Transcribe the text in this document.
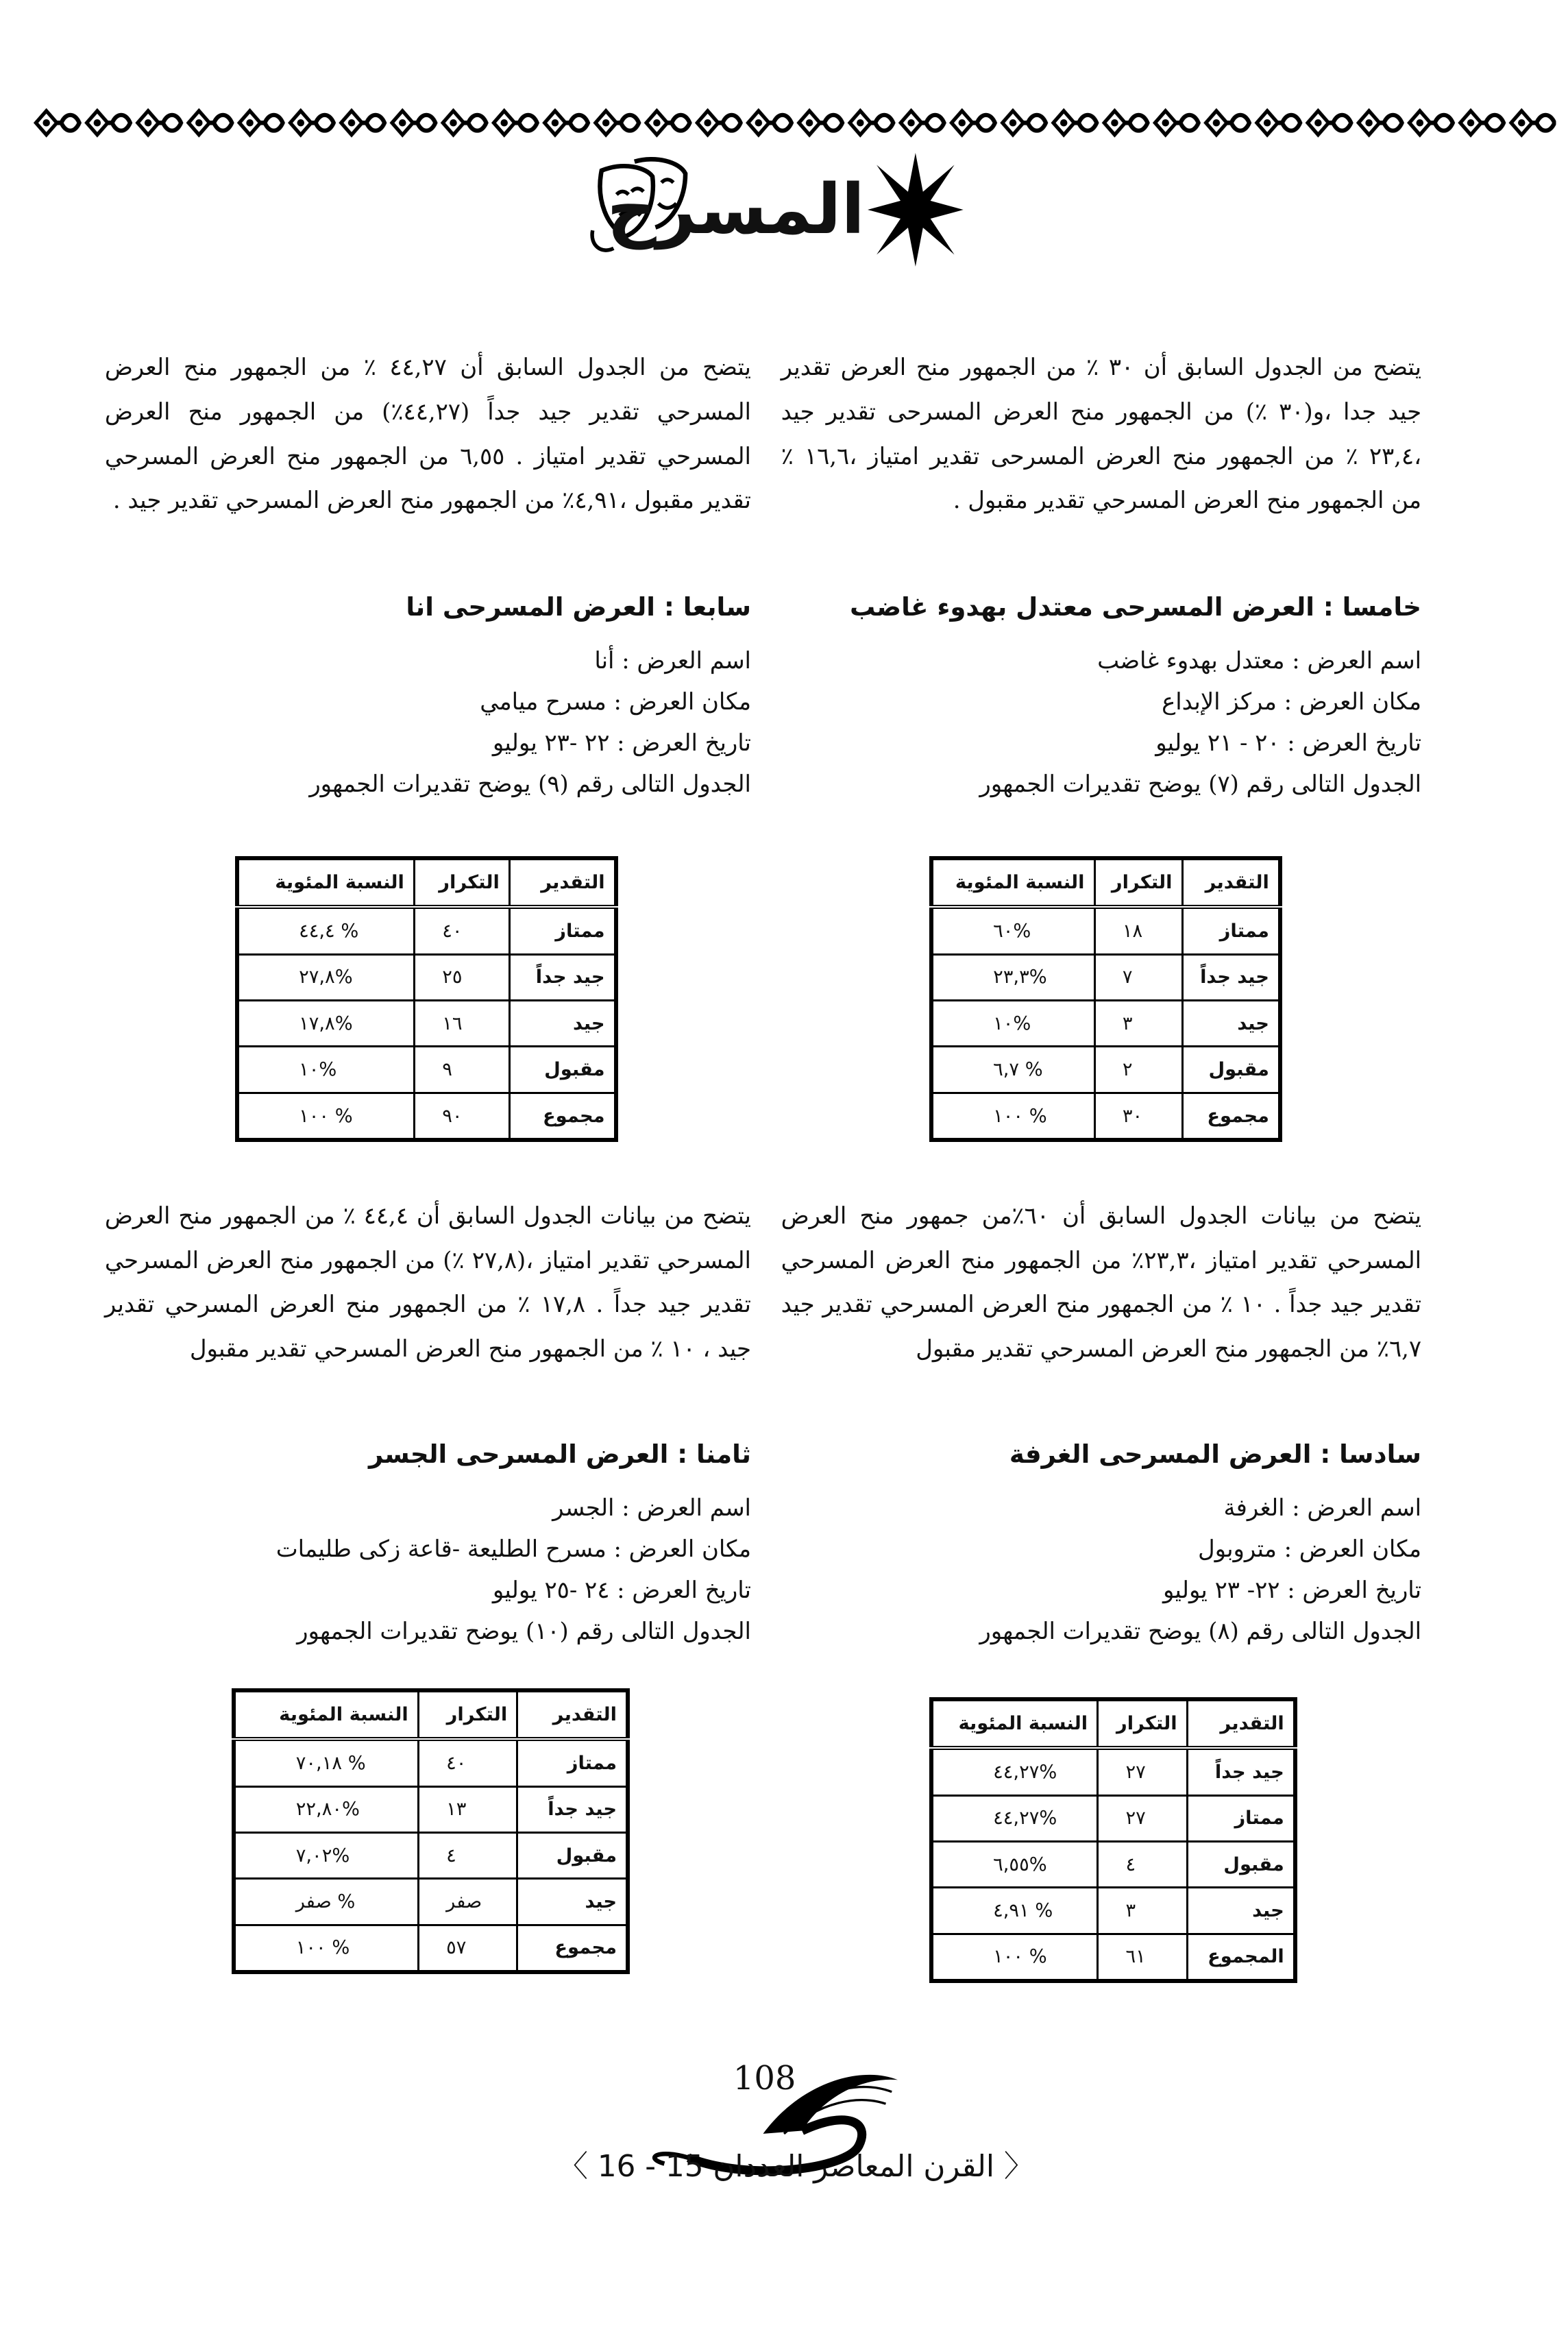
المسرح

يتضح من الجدول السابق أن ٣٠ ٪ من الجمهور منح العرض تقدير جيد جدا ،و(٣٠ ٪) من الجمهور منح العرض المسرحى تقدير جيد ،٢٣,٤ ٪ من الجمهور منح العرض المسرحى تقدير امتياز ،١٦,٦ ٪ من الجمهور منح العرض المسرحي تقدير مقبول .

يتضح من الجدول السابق أن ٤٤,٢٧ ٪ من الجمهور منح العرض المسرحي تقدير جيد جداً (٤٤,٢٧٪) من الجمهور منح العرض المسرحي تقدير امتياز . ٦,٥٥ من الجمهور منح العرض المسرحي تقدير مقبول ،٤,٩١٪ من الجمهور منح العرض المسرحي تقدير جيد .

خامسا : العرض المسرحى معتدل بهدوء غاضب

اسم العرض : معتدل بهدوء غاضب

مكان العرض : مركز الإبداع

تاريخ العرض : ٢٠ - ٢١ يوليو

الجدول التالى رقم (٧) يوضح تقديرات الجمهور

التقدير	التكرار	النسبة المئوية
ممتاز	١٨	٦٠%
جيد جداً	٧	٢٣,٣%
جيد	٣	١٠%
مقبول	٢	٦,٧ %
مجموع	٣٠	١٠٠ %
سابعا : العرض المسرحى انا

اسم العرض : أنا

مكان العرض : مسرح ميامي

تاريخ العرض : ٢٢ -٢٣ يوليو

الجدول التالى رقم (٩) يوضح تقديرات الجمهور

التقدير	التكرار	النسبة المئوية
ممتاز	٤٠	٤٤,٤ %
جيد جداً	٢٥	٢٧,٨%
جيد	١٦	١٧,٨%
مقبول	٩	١٠%
مجموع	٩٠	١٠٠ %

يتضح من بيانات الجدول السابق أن ٦٠٪من جمهور منح العرض المسرحي تقدير امتياز ،٢٣,٣٪ من الجمهور منح العرض المسرحي تقدير جيد جداً . ١٠ ٪ من الجمهور منح العرض المسرحي تقدير جيد ٦,٧٪ من الجمهور منح العرض المسرحي تقدير مقبول

يتضح من بيانات الجدول السابق أن ٤٤,٤ ٪ من الجمهور منح العرض المسرحي تقدير امتياز ،(٢٧,٨ ٪) من الجمهور منح العرض المسرحي تقدير جيد جداً . ١٧,٨ ٪ من الجمهور منح العرض المسرحي تقدير جيد ، ١٠ ٪ من الجمهور منح العرض المسرحي تقدير مقبول

سادسا : العرض المسرحى الغرفة

اسم العرض : الغرفة

مكان العرض : متروبول

تاريخ العرض : ٢٢- ٢٣ يوليو

الجدول التالى رقم (٨) يوضح تقديرات الجمهور

التقدير	التكرار	النسبة المئوية
جيد جداً	٢٧	٤٤,٢٧%
ممتاز	٢٧	٤٤,٢٧%
مقبول	٤	٦,٥٥%
جيد	٣	٤,٩١ %
المجموع	٦١	١٠٠ %
ثامنا : العرض المسرحى الجسر

اسم العرض : الجسر

مكان العرض : مسرح الطليعة -قاعة زكى طليمات

تاريخ العرض : ٢٤ -٢٥ يوليو

الجدول التالى رقم (١٠) يوضح تقديرات الجمهور

التقدير	التكرار	النسبة المئوية
ممتاز	٤٠	٧٠,١٨ %
جيد جداً	١٣	٢٢,٨٠%
مقبول	٤	٧,٠٢%
جيد	صفر	صفر %
مجموع	٥٧	١٠٠ %
108
〈 القرن المعاصر العددان 15 - 16 〉
